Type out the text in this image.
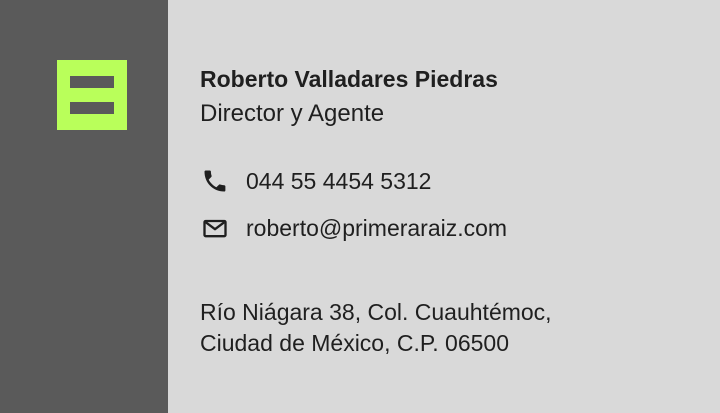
Roberto Valladares Piedras
Director y Agente
044 55 4454 5312
roberto@primeraraiz.com
Río Niágara 38, Col. Cuauhtémoc,
Ciudad de México, C.P. 06500
